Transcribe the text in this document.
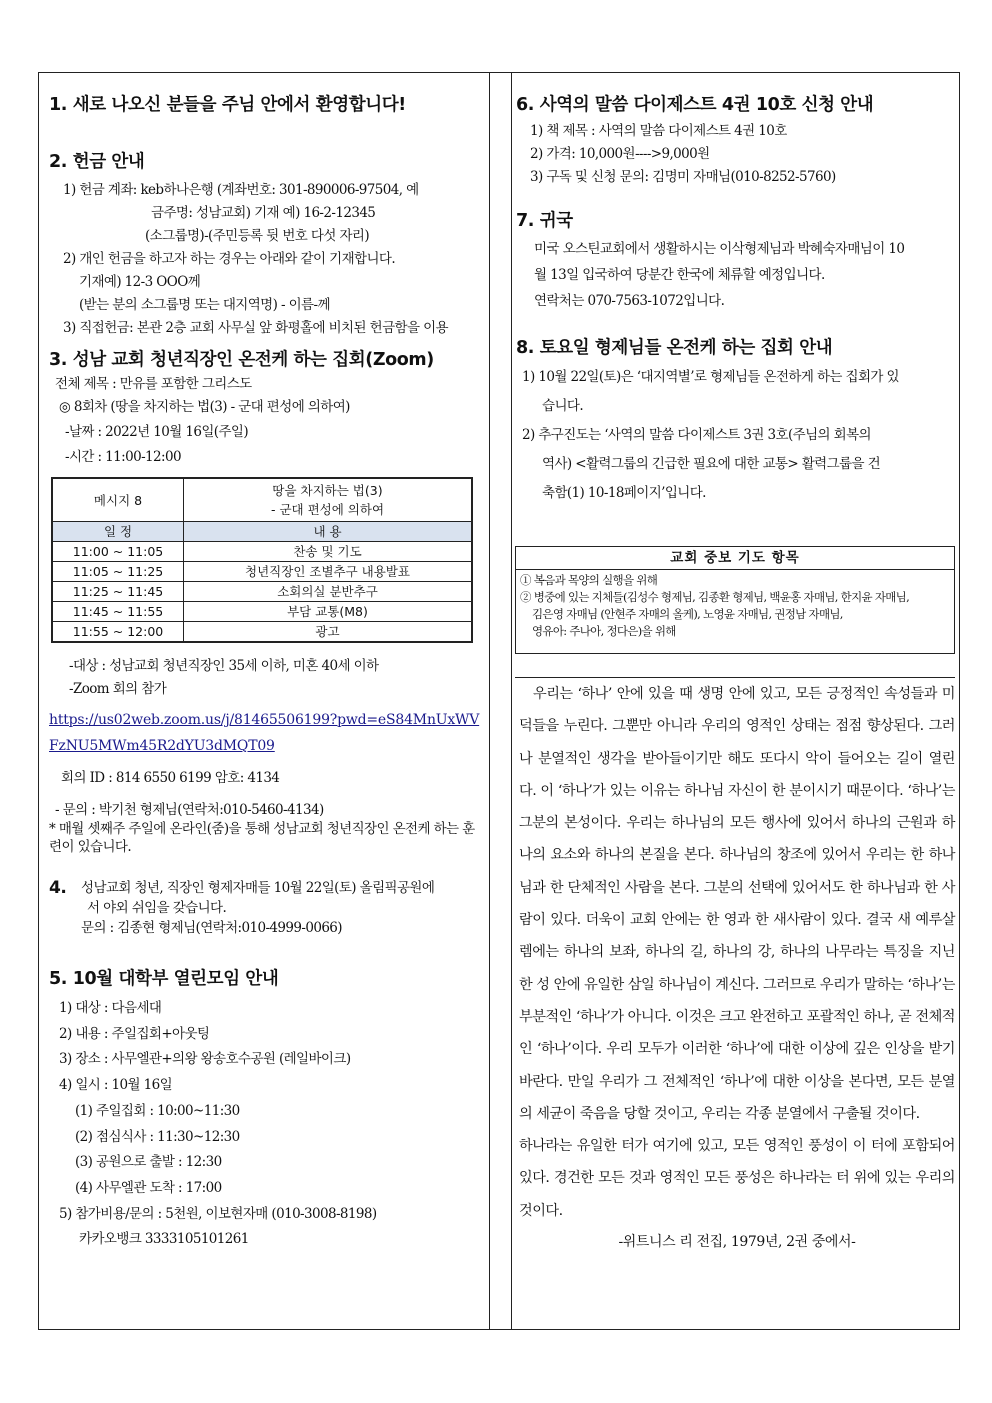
1. 새로 나오신 분들을 주님 안에서 환영합니다!
2. 헌금 안내
1) 헌금 계좌: keb하나은행 (계좌번호: 301-890006-97504, 예
금주명: 성남교회) 기재 예) 16-2-12345
(소그룹명)-(주민등록 뒷 번호 다섯 자리)
2) 개인 헌금을 하고자 하는 경우는 아래와 같이 기재합니다.
기재예) 12-3 OOO께
(받는 분의 소그룹명 또는 대지역명) - 이름-께
3) 직접헌금: 본관 2층 교회 사무실 앞 화평홀에 비치된 헌금함을 이용
3. 성남 교회 청년직장인 온전케 하는 집회(Zoom)
전체 제목 : 만유를 포함한 그리스도
◎ 8회차 (땅을 차지하는 법(3) - 군대 편성에 의하여)
-날짜 : 2022년 10월 16일(주일)
-시간 : 11:00-12:00
메시지 8	땅을 차지하는 법(3)
- 군대 편성에 의하여

일 정	내 용
11:00 ~ 11:05	찬송 및 기도
11:05 ~ 11:25	청년직장인 조별추구 내용발표
11:25 ~ 11:45	소회의실 분반추구
11:45 ~ 11:55	부담 교통(M8)
11:55 ~ 12:00	광고
-대상 : 성남교회 청년직장인 35세 이하, 미혼 40세 이하
-Zoom 회의 참가
https://us02web.zoom.us/j/81465506199?pwd=eS84MnUxWVFzNU5MWm45R2dYU3dMQT09
회의 ID : 814 6550 6199 암호: 4134
- 문의 : 박기천 형제님(연락처:010-5460-4134)
* 매월 셋째주 주일에 온라인(줌)을 통해 성남교회 청년직장인 온전케 하는 훈련이 있습니다.
4.	성남교회 청년, 직장인 형제자매들 10월 22일(토) 올림픽공원에
서 야외 쉬임을 갖습니다.
문의 : 김종현 형제님(연락처:010-4999-0066)
5. 10월 대학부 열린모임 안내
1) 대상 : 다음세대
2) 내용 : 주일집회+아웃팅
3) 장소 : 사무엘관+의왕 왕송호수공원 (레일바이크)
4) 일시 : 10월 16일
(1) 주일집회 : 10:00~11:30
(2) 점심식사 : 11:30~12:30
(3) 공원으로 출발 : 12:30
(4) 사무엘관 도착 : 17:00
5) 참가비용/문의 : 5천원, 이보현자매 (010-3008-8198)
카카오뱅크 3333105101261
6. 사역의 말씀 다이제스트 4권 10호 신청 안내
1) 책 제목 : 사역의 말씀 다이제스트 4권 10호
2) 가격: 10,000원---->9,000원
3) 구독 및 신청 문의: 김명미 자매님(010-8252-5760)
7. 귀국
미국 오스틴교회에서 생활하시는 이삭형제님과 박혜숙자매님이 10
월 13일 입국하여 당분간 한국에 체류할 예정입니다.
연락처는 070-7563-1072입니다.
8. 토요일 형제님들 온전케 하는 집회 안내
1) 10월 22일(토)은 ‘대지역별’로 형제님들 온전하게 하는 집회가 있
습니다.
2) 추구진도는 ‘사역의 말씀 다이제스트 3권 3호(주님의 회복의
역사) <활력그룹의 긴급한 필요에 대한 교통> 활력그룹을 건
축함(1) 10-18페이지’입니다.
교회 중보 기도 항목
① 복음과 목양의 실행을 위해
② 병중에 있는 지체들(김성수 형제님, 김종환 형제님, 백윤홍 자매님, 한지윤 자매님,
김은영 자매님 (안현주 자매의 올케), 노영윤 자매님, 권정남 자매님,
영유아: 주나아, 정다은)을 위해

우리는 ‘하나’ 안에 있을 때 생명 안에 있고, 모든 긍정적인 속성들과 미덕들을 누린다. 그뿐만 아니라 우리의 영적인 상태는 점점 향상된다. 그러나 분열적인 생각을 받아들이기만 해도 또다시 악이 들어오는 길이 열린다. 이 ‘하나’가 있는 이유는 하나님 자신이 한 분이시기 때문이다. ‘하나’는 그분의 본성이다. 우리는 하나님의 모든 행사에 있어서 하나의 근원과 하나의 요소와 하나의 본질을 본다. 하나님의 창조에 있어서 우리는 한 하나님과 한 단체적인 사람을 본다. 그분의 선택에 있어서도 한 하나님과 한 사람이 있다. 더욱이 교회 안에는 한 영과 한 새사람이 있다. 결국 새 예루살렘에는 하나의 보좌, 하나의 길, 하나의 강, 하나의 나무라는 특징을 지닌 한 성 안에 유일한 삼일 하나님이 계신다. 그러므로 우리가 말하는 ‘하나’는 부분적인 ‘하나’가 아니다. 이것은 크고 완전하고 포괄적인 하나, 곧 전체적인 ‘하나’이다. 우리 모두가 이러한 ‘하나’에 대한 이상에 깊은 인상을 받기 바란다. 만일 우리가 그 전체적인 ‘하나’에 대한 이상을 본다면, 모든 분열의 세균이 죽음을 당할 것이고, 우리는 각종 분열에서 구출될 것이다.

하나라는 유일한 터가 여기에 있고, 모든 영적인 풍성이 이 터에 포함되어 있다. 경건한 모든 것과 영적인 모든 풍성은 하나라는 터 위에 있는 우리의 것이다.

-위트니스 리 전집, 1979년, 2권 중에서-
